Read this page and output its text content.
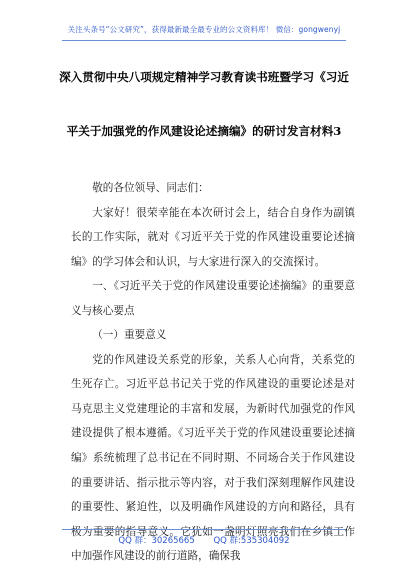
关注头条号“公文研究”，获得最新最全最专业的公文资料库！ 微信：gongwenyj
深入贯彻中央八项规定精神学习教育读书班暨学习《习近
平关于加强党的作风建设论述摘编》的研讨发言材料3

敬的各位领导、同志们：

大家好！很荣幸能在本次研讨会上，结合自身作为副镇长的工作实际，就对《习近平关于党的作风建设重要论述摘编》的学习体会和认识，与大家进行深入的交流探讨。

一、《习近平关于党的作风建设重要论述摘编》的重要意义与核心要点

（一）重要意义

党的作风建设关系党的形象，关系人心向背，关系党的生死存亡。习近平总书记关于党的作风建设的重要论述是对马克思主义党建理论的丰富和发展，为新时代加强党的作风建设提供了根本遵循。《习近平关于党的作风建设重要论述摘编》系统梳理了总书记在不同时期、不同场合关于作风建设的重要讲话、指示批示等内容，对于我们深刻理解作风建设的重要性、紧迫性，以及明确作风建设的方向和路径，具有极为重要的指导意义。它犹如一盏明灯照亮我们在乡镇工作中加强作风建设的前行道路，确保我

QQ 群：30265665 QQ 群:535304092
